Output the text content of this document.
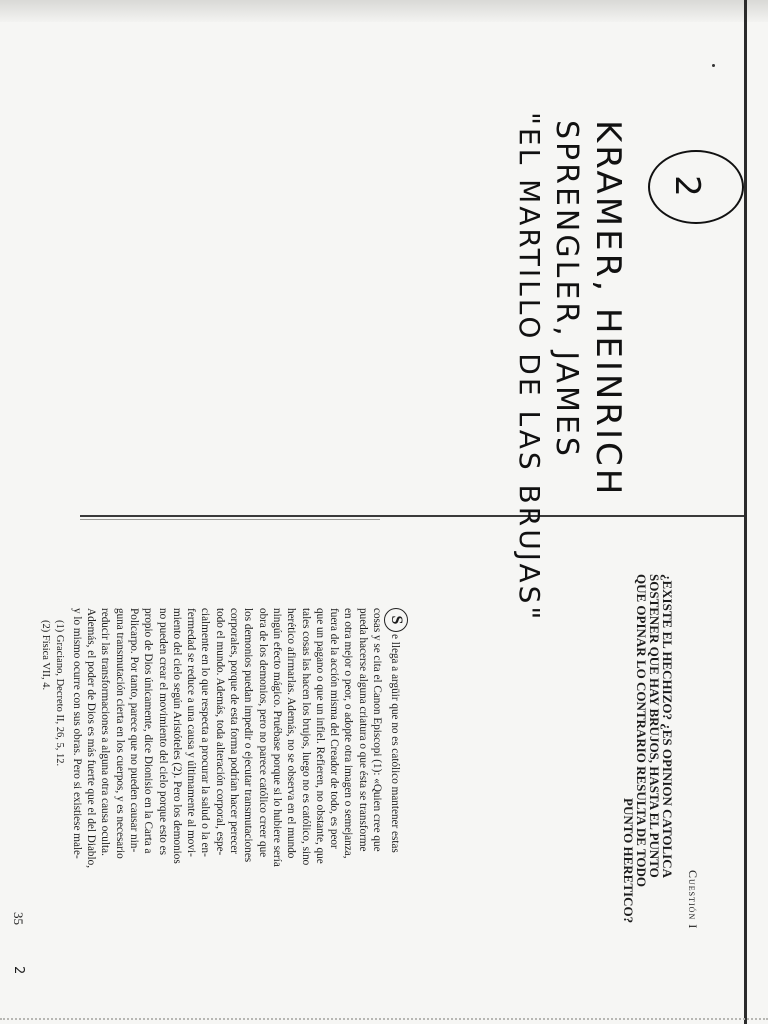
KRAMER, HEINRICH
SPRENGLER, JAMES
"EL MARTILLO DE LAS BRUJAS"	2
Cuestión I
¿EXISTE EL HECHIZO? ¿ES OPINION CATOLICA
SOSTENER QUE HAY BRUJOS, HASTA EL PUNTO
QUE OPINAR LO CONTRARIO RESULTA DE TODO
PUNTO HERETICO?
Se llega a argüir que no es católico mantener estas
cosas y se cita el Canon Episcopi (1): «Quien cree que
pueda hacerse alguna criatura o que ésta se transforme
en otra mejor o peor, o adopte otra imagen o semejanza,
fuera de la acción misma del Creador de todo, es peor
que un pagano o que un infiel. Refieren, no obstante, que
tales cosas las hacen los brujos, luego no es católico, sino
herético afirmarlas. Además, no se observa en el mundo
ningún efecto mágico. Pruébase porque si lo hubiere sería
obra de los demonios, pero no parece católico creer que
los demonios puedan impedir o ejecutar transmutaciones
corporales, porque de esta forma podrían hacer perecer
todo el mundo. Además, toda alteración corporal, espe-
cialmente en lo que respecta a procurar la salud o la en-
fermedad se reduce a una causa y últimamente al movi-
miento del cielo según Aristóteles (2). Pero los demonios
no pueden crear el movimiento del cielo porque esto es
propio de Dios únicamente, dice Dionisio en la Carta a
Policarpo. Por tanto, parece que no pueden causar nin-
guna transmutación cierta en los cuerpos, y es necesario
reducir las transformaciones a alguna otra causa oculta.
Además, el poder de Dios es más fuerte que el del Diablo,
y lo mismo ocurre con sus obras. Pero si existiese male-
(1) Graciano, Decreto II, 26, 5, 12.
(2) Física VII, 4.
35
2
